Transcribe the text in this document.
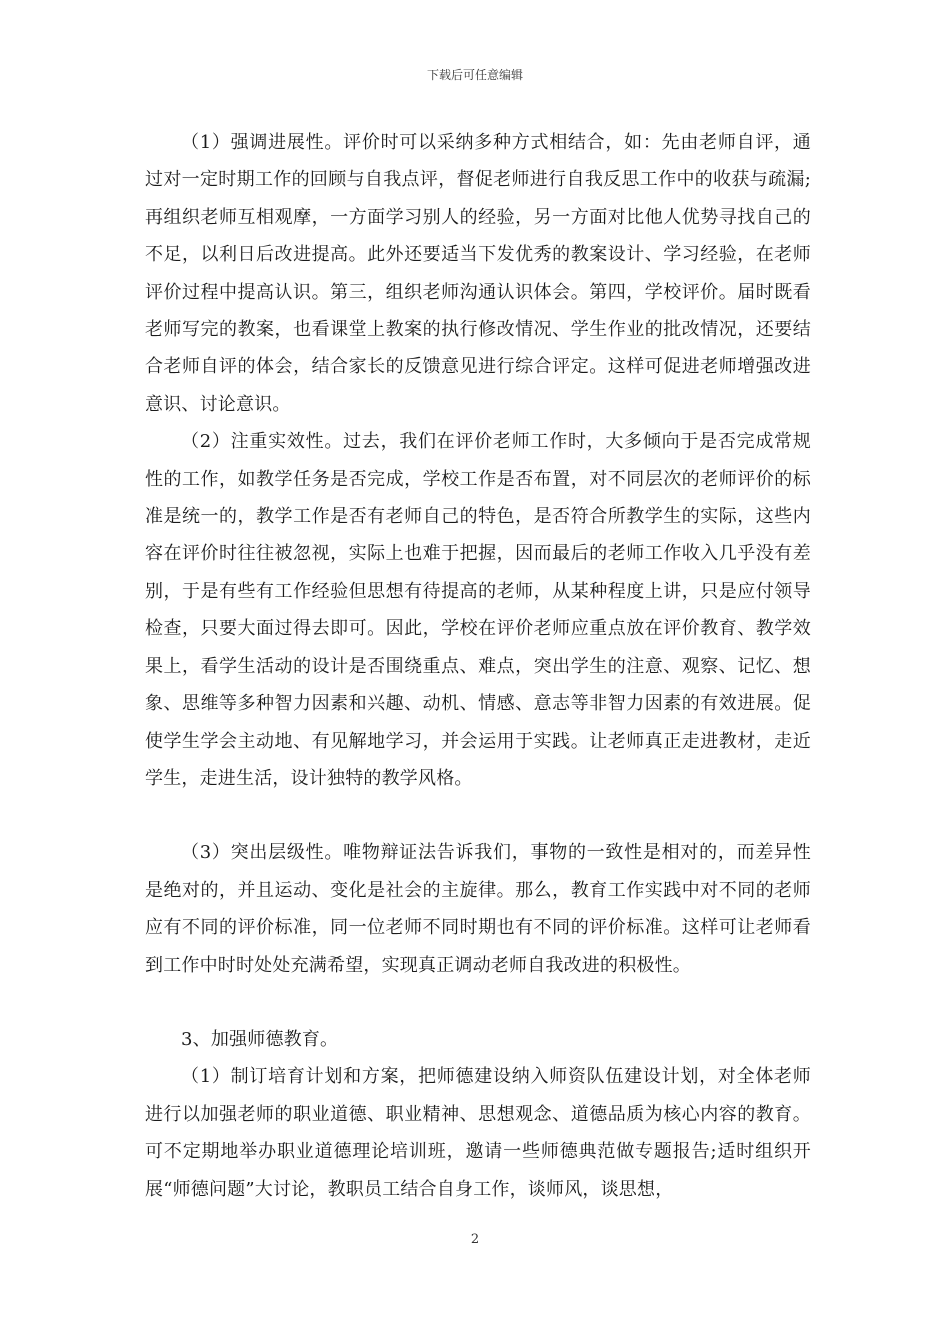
下载后可任意编辑

（1）强调进展性。评价时可以采纳多种方式相结合，如：先由老师自评，通过对一定时期工作的回顾与自我点评，督促老师进行自我反思工作中的收获与疏漏;再组织老师互相观摩，一方面学习别人的经验，另一方面对比他人优势寻找自己的不足，以利日后改进提高。此外还要适当下发优秀的教案设计、学习经验，在老师评价过程中提高认识。第三，组织老师沟通认识体会。第四，学校评价。届时既看老师写完的教案，也看课堂上教案的执行修改情况、学生作业的批改情况，还要结合老师自评的体会，结合家长的反馈意见进行综合评定。这样可促进老师增强改进意识、讨论意识。

（2）注重实效性。过去，我们在评价老师工作时，大多倾向于是否完成常规性的工作，如教学任务是否完成，学校工作是否布置，对不同层次的老师评价的标准是统一的，教学工作是否有老师自己的特色，是否符合所教学生的实际，这些内容在评价时往往被忽视，实际上也难于把握，因而最后的老师工作收入几乎没有差别，于是有些有工作经验但思想有待提高的老师，从某种程度上讲，只是应付领导检查，只要大面过得去即可。因此，学校在评价老师应重点放在评价教育、教学效果上，看学生活动的设计是否围绕重点、难点，突出学生的注意、观察、记忆、想象、思维等多种智力因素和兴趣、动机、情感、意志等非智力因素的有效进展。促使学生学会主动地、有见解地学习，并会运用于实践。让老师真正走进教材，走近学生，走进生活，设计独特的教学风格。

（3）突出层级性。唯物辩证法告诉我们，事物的一致性是相对的，而差异性是绝对的，并且运动、变化是社会的主旋律。那么，教育工作实践中对不同的老师应有不同的评价标准，同一位老师不同时期也有不同的评价标准。这样可让老师看到工作中时时处处充满希望，实现真正调动老师自我改进的积极性。

3、加强师德教育。

（1）制订培育计划和方案，把师德建设纳入师资队伍建设计划，对全体老师进行以加强老师的职业道德、职业精神、思想观念、道德品质为核心内容的教育。可不定期地举办职业道德理论培训班，邀请一些师德典范做专题报告;适时组织开展“师德问题”大讨论，教职员工结合自身工作，谈师风，谈思想，

2
